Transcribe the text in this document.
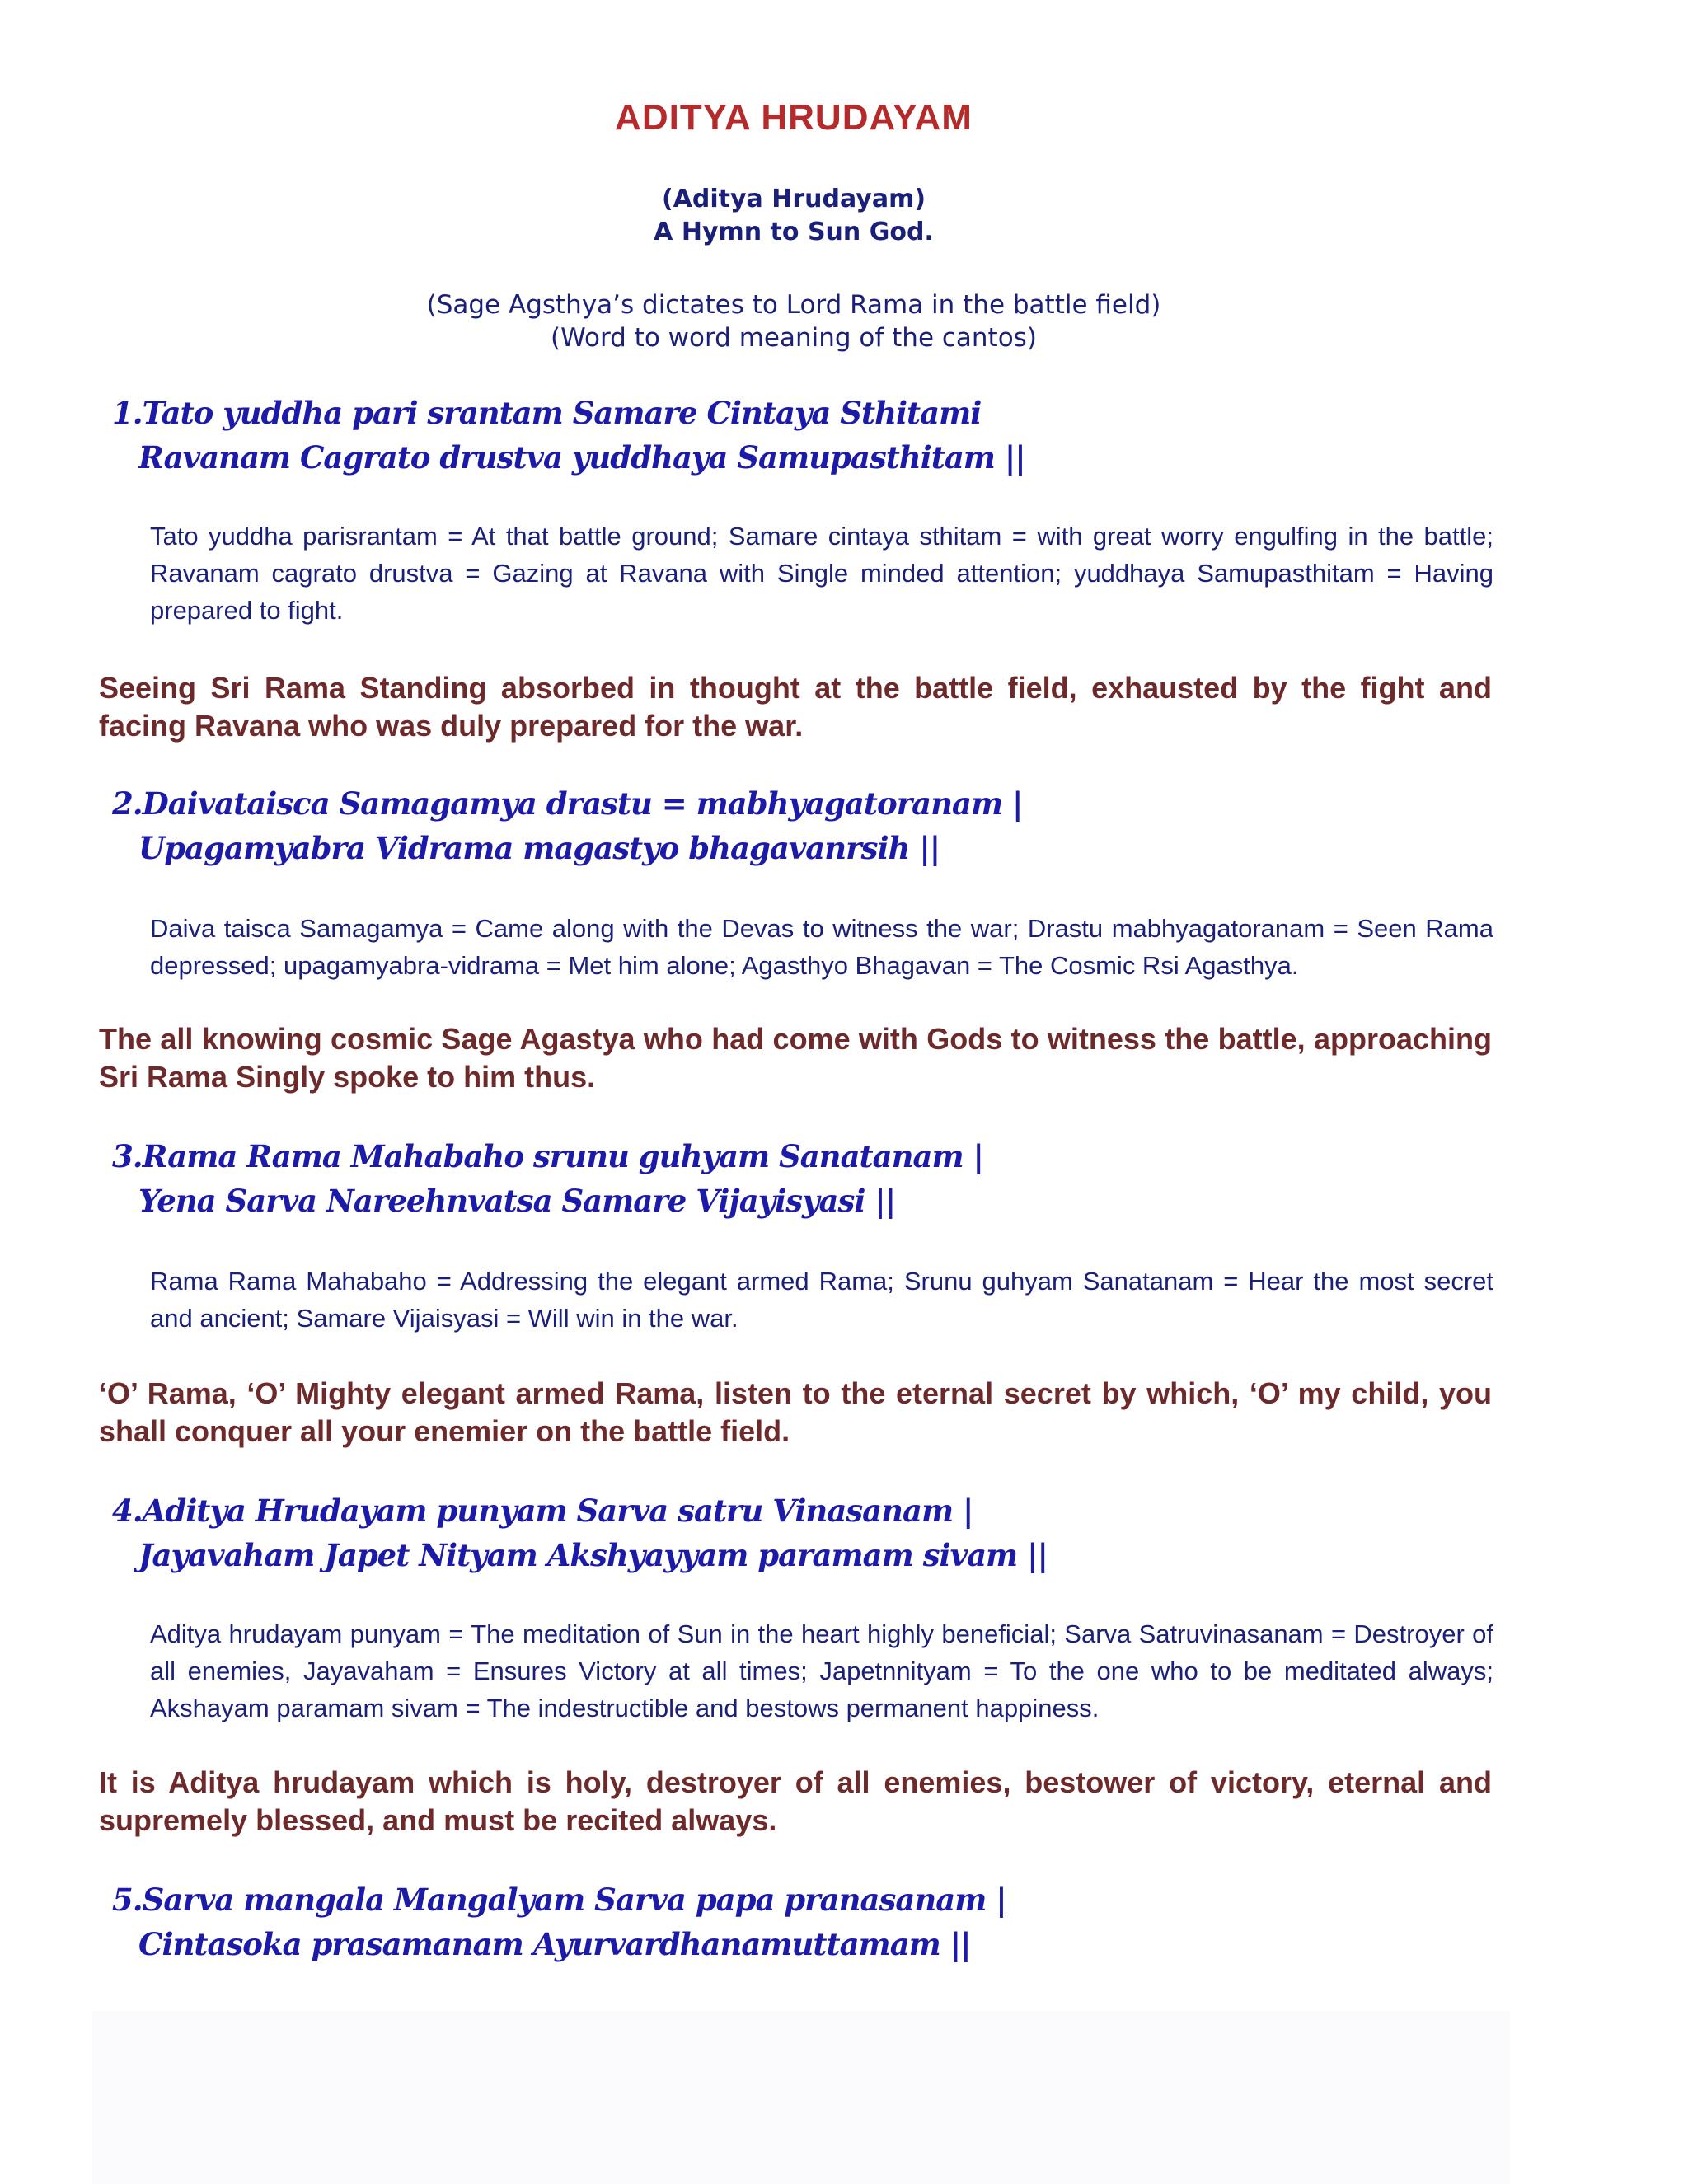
ADITYA HRUDAYAM
(Aditya Hrudayam)
A Hymn to Sun God.
(Sage Agsthya’s dictates to Lord Rama in the battle field)
(Word to word meaning of the cantos)
1.Tato yuddha pari srantam Samare Cintaya Sthitami
Ravanam Cagrato drustva yuddhaya Samupasthitam ||
Tato yuddha parisrantam = At that battle ground; Samare cintaya sthitam = with great worry engulfing in the battle; Ravanam cagrato drustva = Gazing at Ravana with Single minded attention; yuddhaya Samupasthitam = Having prepared to fight.
Seeing Sri Rama Standing absorbed in thought at the battle field, exhausted by the fight and facing Ravana who was duly prepared for the war.
2.Daivataisca Samagamya drastu = mabhyagatoranam |
Upagamyabra Vidrama magastyo bhagavanrsih ||
Daiva taisca Samagamya = Came along with the Devas to witness the war; Drastu mabhyagatoranam = Seen Rama depressed; upagamyabra-vidrama = Met him alone; Agasthyo Bhagavan = The Cosmic Rsi Agasthya.
The all knowing cosmic Sage Agastya who had come with Gods to witness the battle, approaching Sri Rama Singly spoke to him thus.
3.Rama Rama Mahabaho srunu guhyam Sanatanam |
Yena Sarva Nareehnvatsa Samare Vijayisyasi ||
Rama Rama Mahabaho = Addressing the elegant armed Rama; Srunu guhyam Sanatanam = Hear the most secret and ancient; Samare Vijaisyasi = Will win in the war.
‘O’ Rama, ‘O’ Mighty elegant armed Rama, listen to the eternal secret by which, ‘O’ my child, you shall conquer all your enemier on the battle field.
4.Aditya Hrudayam punyam Sarva satru Vinasanam |
Jayavaham Japet Nityam Akshyayyam paramam sivam ||
Aditya hrudayam punyam = The meditation of Sun in the heart highly beneficial; Sarva Satruvinasanam = Destroyer of all enemies, Jayavaham = Ensures Victory at all times; Japetnnityam = To the one who to be meditated always; Akshayam paramam sivam = The indestructible and bestows permanent happiness.
It is Aditya hrudayam which is holy, destroyer of all enemies, bestower of victory, eternal and supremely blessed, and must be recited always.
5.Sarva mangala Mangalyam Sarva papa pranasanam |
Cintasoka prasamanam Ayurvardhanamuttamam ||
